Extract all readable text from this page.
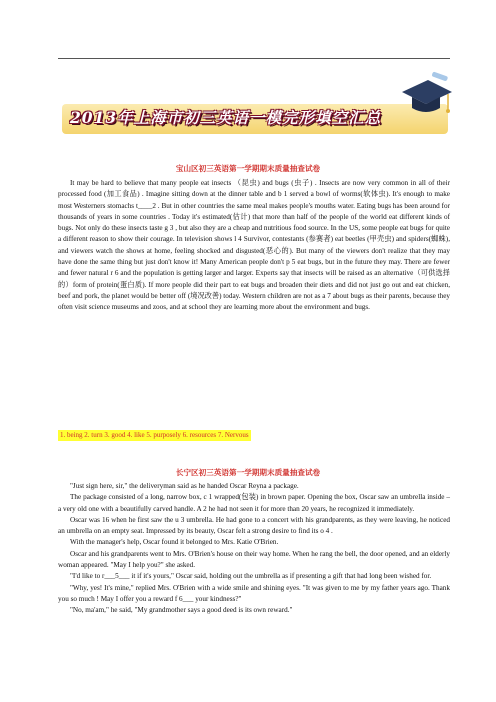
2013年上海市初三英语一模完形填空汇总
宝山区初三英语第一学期期末质量抽查试卷

It may be hard to believe that many people eat insects （昆虫) and bugs (虫子) . Insects are now very common in all of their processed food (加工食品) . Imagine sitting down at the dinner table and b 1 served a bowl of worms(软体虫). It's enough to make most Westerners stomachs t____2 . But in other countries the same meal makes people's mouths water. Eating bugs has been around for thousands of years in some countries . Today it's estimated(估计) that more than half of the people of the world eat different kinds of bugs. Not only do these insects taste g 3 , but also they are a cheap and nutritious food source. In the US, some people eat bugs for quite a different reason to show their courage. In television shows l 4 Survivor, contestants (参赛者) eat beetles (甲壳虫) and spiders(蜘蛛), and viewers watch the shows at home, feeling shocked and disgusted(恶心的). But many of the viewers don't realize that they may have done the same thing but just don't know it! Many American people don't p 5 eat bugs, but in the future they may. There are fewer and fewer natural r 6 and the population is getting larger and larger. Experts say that insects will be raised as an alternative（可供选择的）form of protein(蛋白质). If more people did their part to eat bugs and broaden their diets and did not just go out and eat chicken, beef and pork, the planet would be better off (境况改善) today. Western children are not as a 7 about bugs as their parents, because they often visit science museums and zoos, and at school they are learning more about the environment and bugs.

1. being 2. turn 3. good 4. like 5. purposely 6. resources 7. Nervous
长宁区初三英语第一学期期末质量抽查试卷

"Just sign here, sir," the deliveryman said as he handed Oscar Reyna a package.

The package consisted of a long, narrow box, c 1 wrapped(包装) in brown paper. Opening the box, Oscar saw an umbrella inside – a very old one with a beautifully carved handle. A 2 he had not seen it for more than 20 years, he recognized it immediately.

Oscar was 16 when he first saw the u 3 umbrella. He had gone to a concert with his grandparents, as they were leaving, he noticed an umbrella on an empty seat. Impressed by its beauty, Oscar felt a strong desire to find its o 4 .

With the manager's help, Oscar found it belonged to Mrs. Katie O'Brien.

Oscar and his grandparents went to Mrs. O'Brien's house on their way home. When he rang the bell, the door opened, and an elderly woman appeared. "May I help you?" she asked.

"I'd like to r___5___ it if it's yours," Oscar said, holding out the umbrella as if presenting a gift that had long been wished for.

"Why, yes! It's mine," replied Mrs. O'Brien with a wide smile and shining eyes. "It was given to me by my father years ago. Thank you so much ! May I offer you a reward f 6___ your kindness?"

"No, ma'am," he said, "My grandmother says a good deed is its own reward."
